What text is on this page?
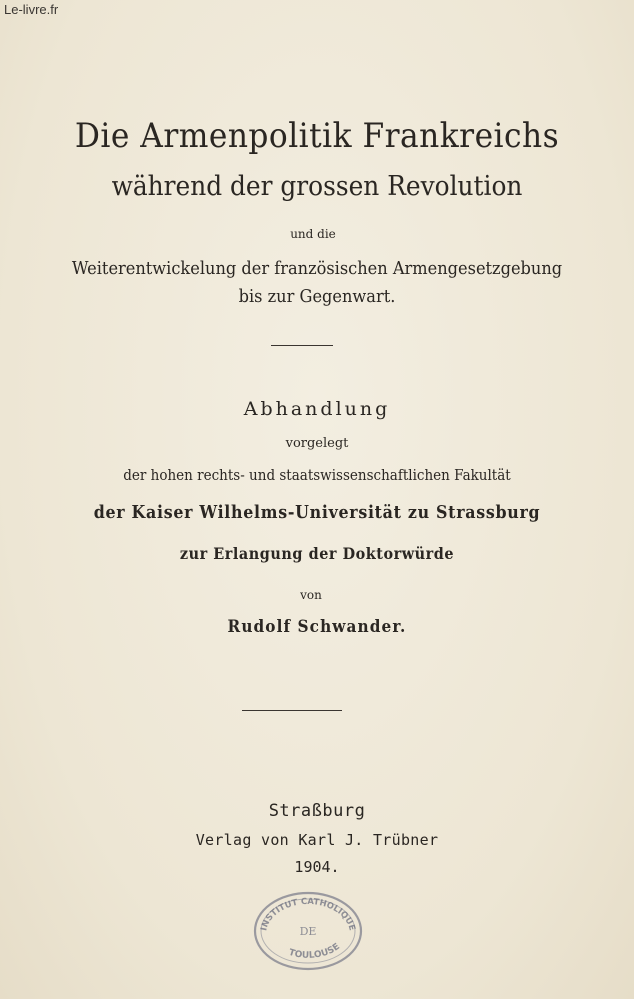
Le-livre.fr
Die Armenpolitik Frankreichs
während der grossen Revolution
und die
Weiterentwickelung der französischen Armengesetzgebung
bis zur Gegenwart.
Abhandlung
vorgelegt
der hohen rechts- und staatswissenschaftlichen Fakultät
der Kaiser Wilhelms-Universität zu Strassburg
zur Erlangung der Doktorwürde
von
Rudolf Schwander.
Straßburg
Verlag von Karl J. Trübner
1904.
INSTITUT CATHOLIQUE
DE
TOULOUSE
